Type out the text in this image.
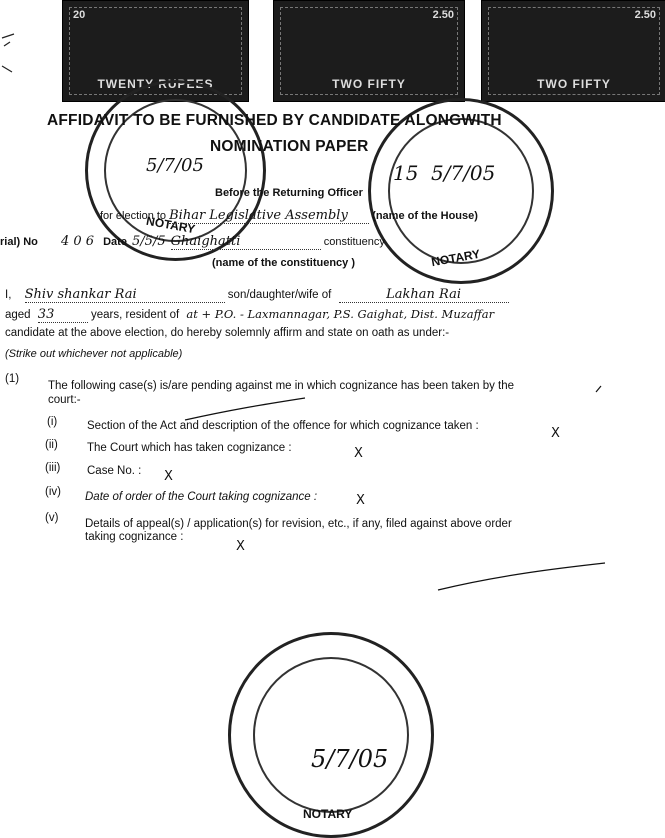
20
TWENTY RUPEES
2.50
TWO FIFTY
2.50
TWO FIFTY
5/7/05
NOTARY
15 5/7/05
NOTARY
5/7/05
NOTARY
AFFIDAVIT TO BE FURNISHED BY CANDIDATE ALONGWITH
NOMINATION PAPER
Before the Returning Officer
for election to Bihar Legislative Assembly (name of the House)
rial) No 4 0 6 Date 5/5/5 Ghaighatti	constituency
(name of the constituency )
I, Shiv shankar Rai	son/daughter/wife of	Lakhan Rai
aged 33	years, resident of at + P.O. - Laxmannagar, P.S. Gaighat, Dist. Muzaffar
candidate at the above election, do hereby solemnly affirm and state on oath as under:-
(Strike out whichever not applicable)
(1)
The following case(s) is/are pending against me in which cognizance has been taken by the
court:-
(i)	Section of the Act and description of the offence for which cognizance taken :	X
(ii)	The Court which has taken cognizance :	X
(iii) Case No. : X
(iv) Date of order of the Court taking cognizance :	X
(v) Details of appeal(s) / application(s) for revision, etc., if any, filed against above order
taking cognizance :
X
